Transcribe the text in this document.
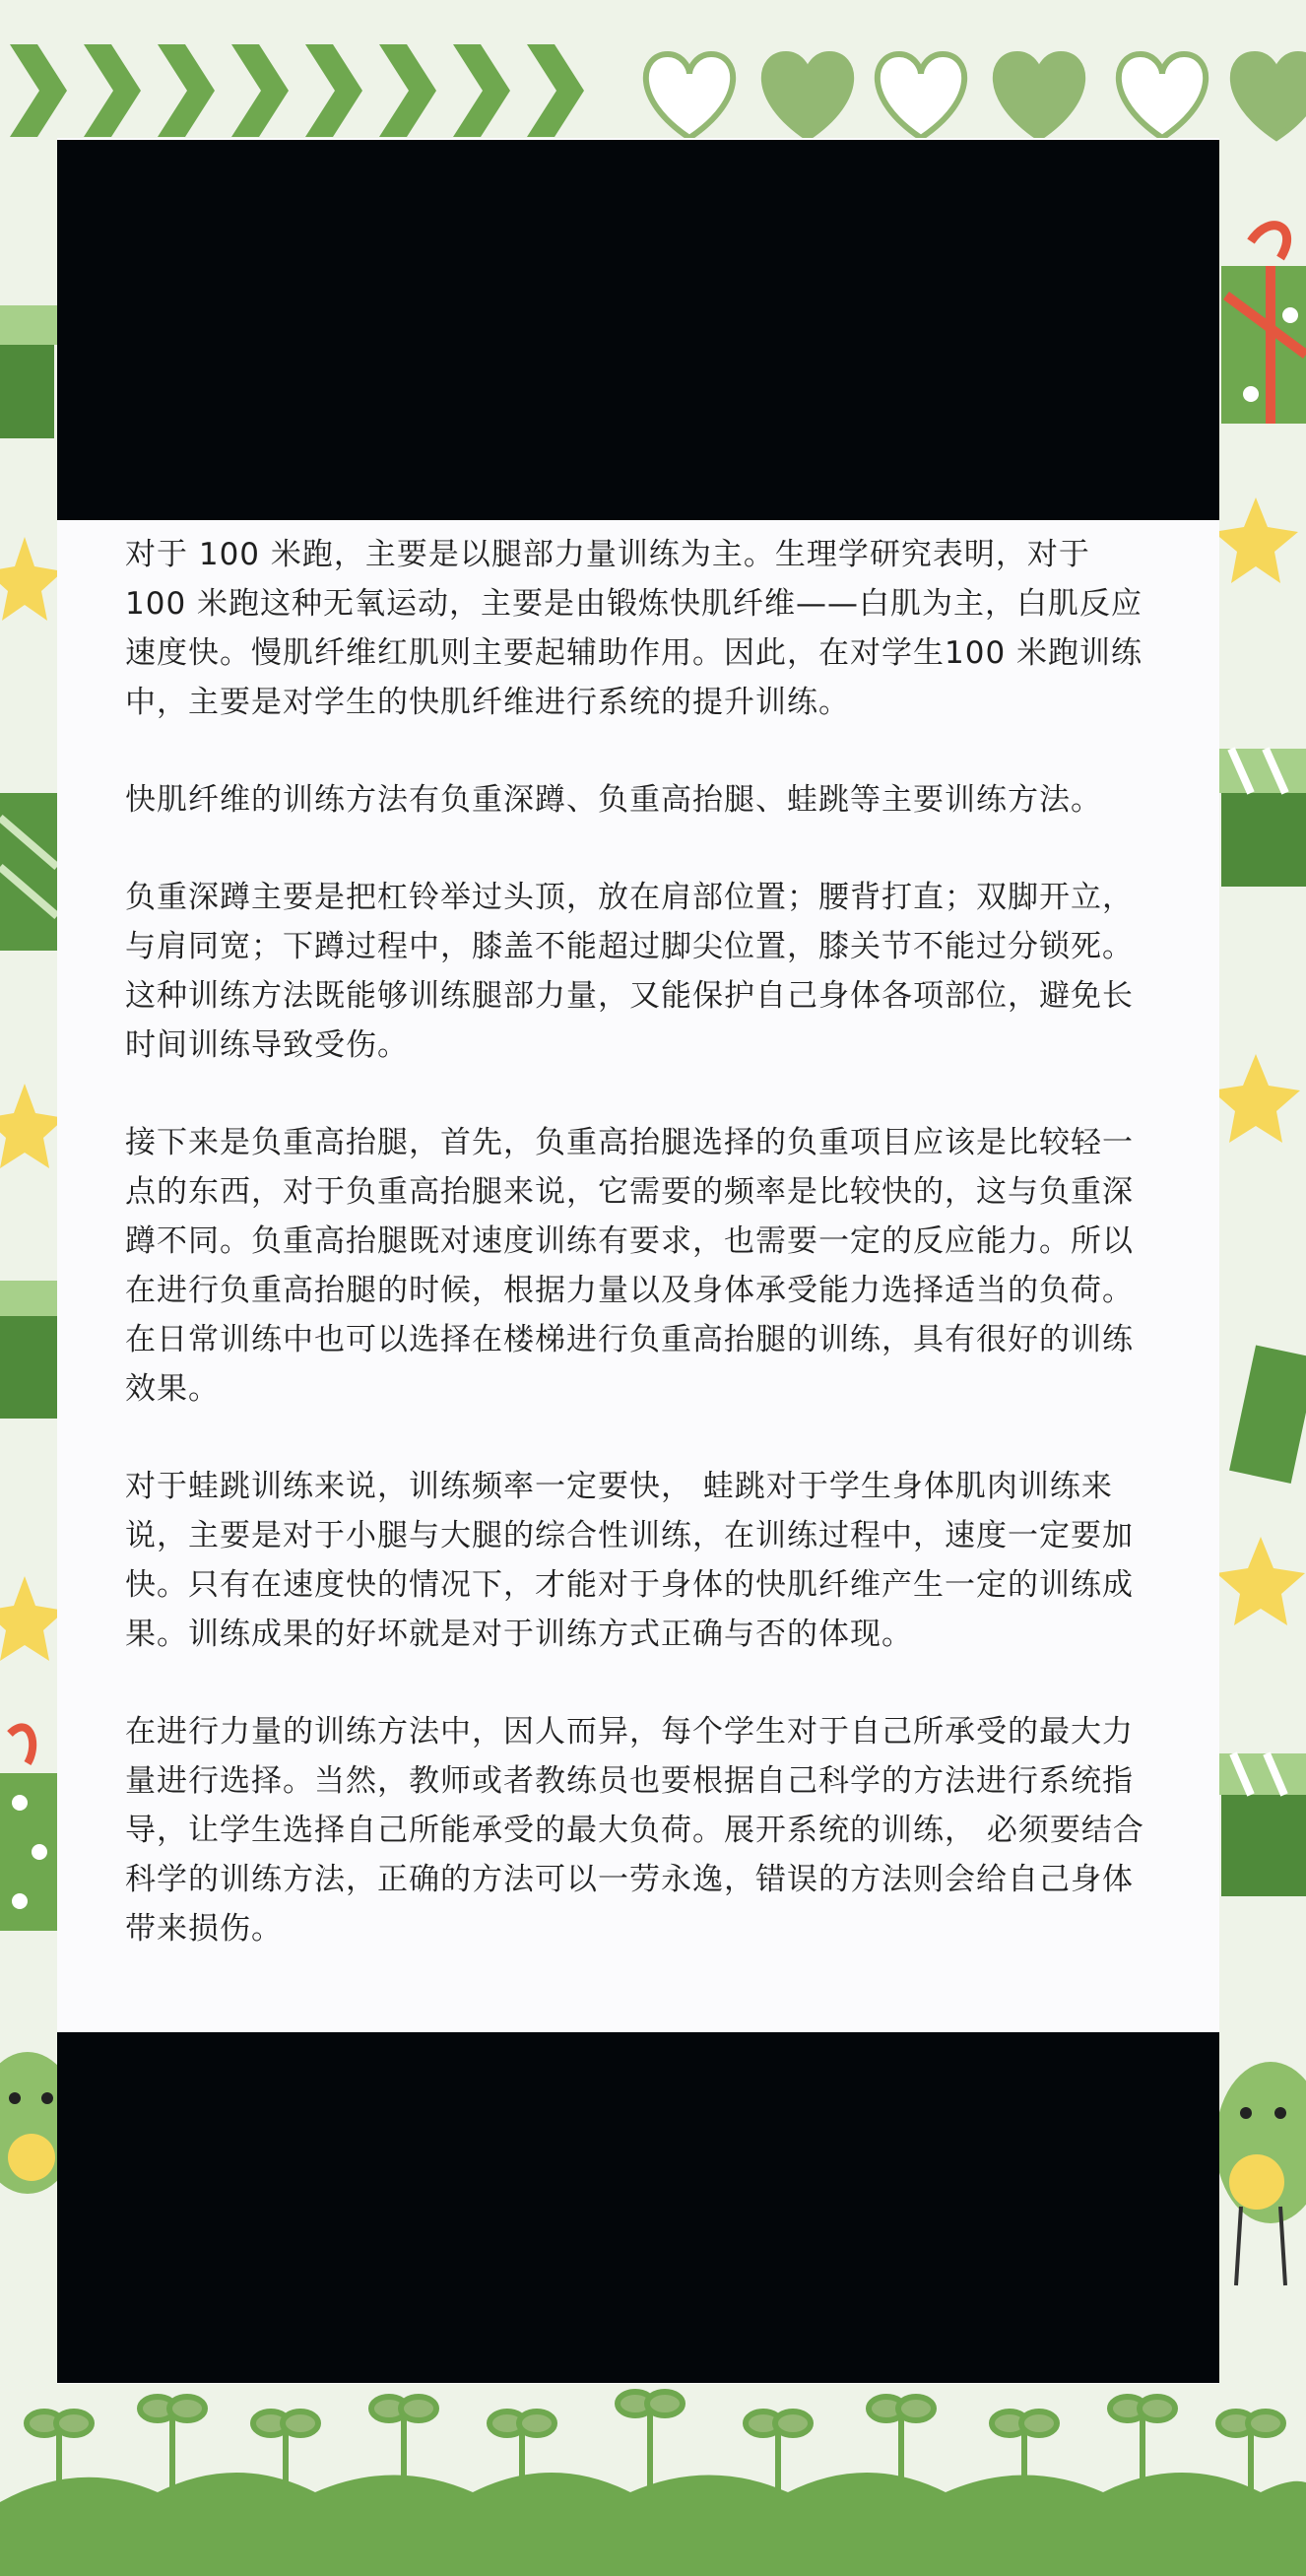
对于 100 米跑，主要是以腿部力量训练为主。生理学研究表明，对于 100 米跑这种无氧运动，主要是由锻炼快肌纤维——白肌为主，白肌反应速度快。慢肌纤维红肌则主要起辅助作用。因此，在对学生100 米跑训练中，主要是对学生的快肌纤维进行系统的提升训练。

快肌纤维的训练方法有负重深蹲、负重高抬腿、蛙跳等主要训练方法。

负重深蹲主要是把杠铃举过头顶，放在肩部位置；腰背打直；双脚开立，与肩同宽；下蹲过程中，膝盖不能超过脚尖位置，膝关节不能过分锁死。这种训练方法既能够训练腿部力量，又能保护自己身体各项部位，避免长时间训练导致受伤。

接下来是负重高抬腿，首先，负重高抬腿选择的负重项目应该是比较轻一点的东西，对于负重高抬腿来说，它需要的频率是比较快的，这与负重深蹲不同。负重高抬腿既对速度训练有要求，也需要一定的反应能力。所以在进行负重高抬腿的时候，根据力量以及身体承受能力选择适当的负荷。在日常训练中也可以选择在楼梯进行负重高抬腿的训练，具有很好的训练效果。

对于蛙跳训练来说，训练频率一定要快， 蛙跳对于学生身体肌肉训练来说，主要是对于小腿与大腿的综合性训练，在训练过程中，速度一定要加快。只有在速度快的情况下，才能对于身体的快肌纤维产生一定的训练成果。训练成果的好坏就是对于训练方式正确与否的体现。

在进行力量的训练方法中，因人而异，每个学生对于自己所承受的最大力量进行选择。当然，教师或者教练员也要根据自己科学的方法进行系统指导，让学生选择自己所能承受的最大负荷。展开系统的训练， 必须要结合科学的训练方法，正确的方法可以一劳永逸，错误的方法则会给自己身体带来损伤。
